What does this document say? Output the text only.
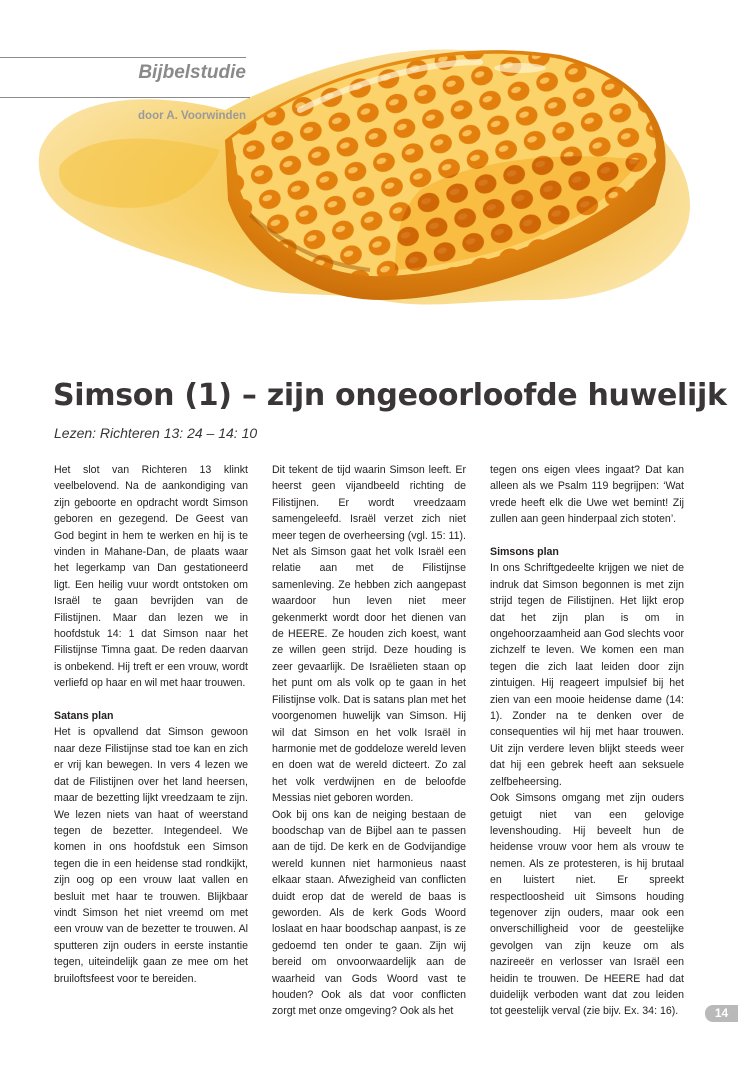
Bijbelstudie
door A. Voorwinden
Simson (1) – zijn ongeoorloofde huwelijk
Lezen: Richteren 13: 24 – 14: 10

Het slot van Richteren 13 klinkt veelbelovend. Na de aankondiging van zijn geboorte en opdracht wordt Simson geboren en gezegend. De Geest van God begint in hem te werken en hij is te vinden in Mahane-Dan, de plaats waar het legerkamp van Dan gestationeerd ligt. Een heilig vuur wordt ontstoken om Israël te gaan bevrijden van de Filistijnen. Maar dan lezen we in hoofdstuk 14: 1 dat Simson naar het Filistijnse Timna gaat. De reden daarvan is onbekend. Hij treft er een vrouw, wordt verliefd op haar en wil met haar trouwen.

Satans plan

Het is opvallend dat Simson gewoon naar deze Filistijnse stad toe kan en zich er vrij kan bewegen. In vers 4 lezen we dat de Filistijnen over het land heersen, maar de bezetting lijkt vreedzaam te zijn. We lezen niets van haat of weerstand tegen de bezetter. Integendeel. We komen in ons hoofdstuk een Simson tegen die in een heidense stad rondkijkt, zijn oog op een vrouw laat vallen en besluit met haar te trouwen. Blijkbaar vindt Simson het niet vreemd om met een vrouw van de bezetter te trouwen. Al sputteren zijn ouders in eerste instantie tegen, uiteindelijk gaan ze mee om het bruiloftsfeest voor te bereiden.

Dit tekent de tijd waarin Simson leeft. Er heerst geen vijandbeeld richting de Filistijnen. Er wordt vreedzaam samengeleefd. Israël verzet zich niet meer tegen de overheersing (vgl. 15: 11). Net als Simson gaat het volk Israël een relatie aan met de Filistijnse samenleving. Ze hebben zich aangepast waardoor hun leven niet meer gekenmerkt wordt door het dienen van de HEERE. Ze houden zich koest, want ze willen geen strijd. Deze houding is zeer gevaarlijk. De Israëlieten staan op het punt om als volk op te gaan in het Filistijnse volk. Dat is satans plan met het voorgenomen huwelijk van Simson. Hij wil dat Simson en het volk Israël in harmonie met de goddeloze wereld leven en doen wat de wereld dicteert. Zo zal het volk verdwijnen en de beloofde Messias niet geboren worden.

Ook bij ons kan de neiging bestaan de boodschap van de Bijbel aan te passen aan de tijd. De kerk en de Godvijandige wereld kunnen niet harmonieus naast elkaar staan. Afwezigheid van conflicten duidt erop dat de wereld de baas is geworden. Als de kerk Gods Woord loslaat en haar boodschap aanpast, is ze gedoemd ten onder te gaan. Zijn wij bereid om onvoorwaardelijk aan de waarheid van Gods Woord vast te houden? Ook als dat voor conflicten zorgt met onze omgeving? Ook als het

tegen ons eigen vlees ingaat? Dat kan alleen als we Psalm 119 begrijpen: ‘Wat vrede heeft elk die Uwe wet bemint! Zij zullen aan geen hinderpaal zich stoten’.

Simsons plan

In ons Schriftgedeelte krijgen we niet de indruk dat Simson begonnen is met zijn strijd tegen de Filistijnen. Het lijkt erop dat het zijn plan is om in ongehoorzaamheid aan God slechts voor zichzelf te leven. We komen een man tegen die zich laat leiden door zijn zintuigen. Hij reageert impulsief bij het zien van een mooie heidense dame (14: 1). Zonder na te denken over de consequenties wil hij met haar trouwen. Uit zijn verdere leven blijkt steeds weer dat hij een gebrek heeft aan seksuele zelfbeheersing.

Ook Simsons omgang met zijn ouders getuigt niet van een gelovige levenshouding. Hij beveelt hun de heidense vrouw voor hem als vrouw te nemen. Als ze protesteren, is hij brutaal en luistert niet. Er spreekt respectloosheid uit Simsons houding tegenover zijn ouders, maar ook een onverschilligheid voor de geestelijke gevolgen van zijn keuze om als nazireeër en verlosser van Israël een heidin te trouwen. De HEERE had dat duidelijk verboden want dat zou leiden tot geestelijk verval (zie bijv. Ex. 34: 16).	14
